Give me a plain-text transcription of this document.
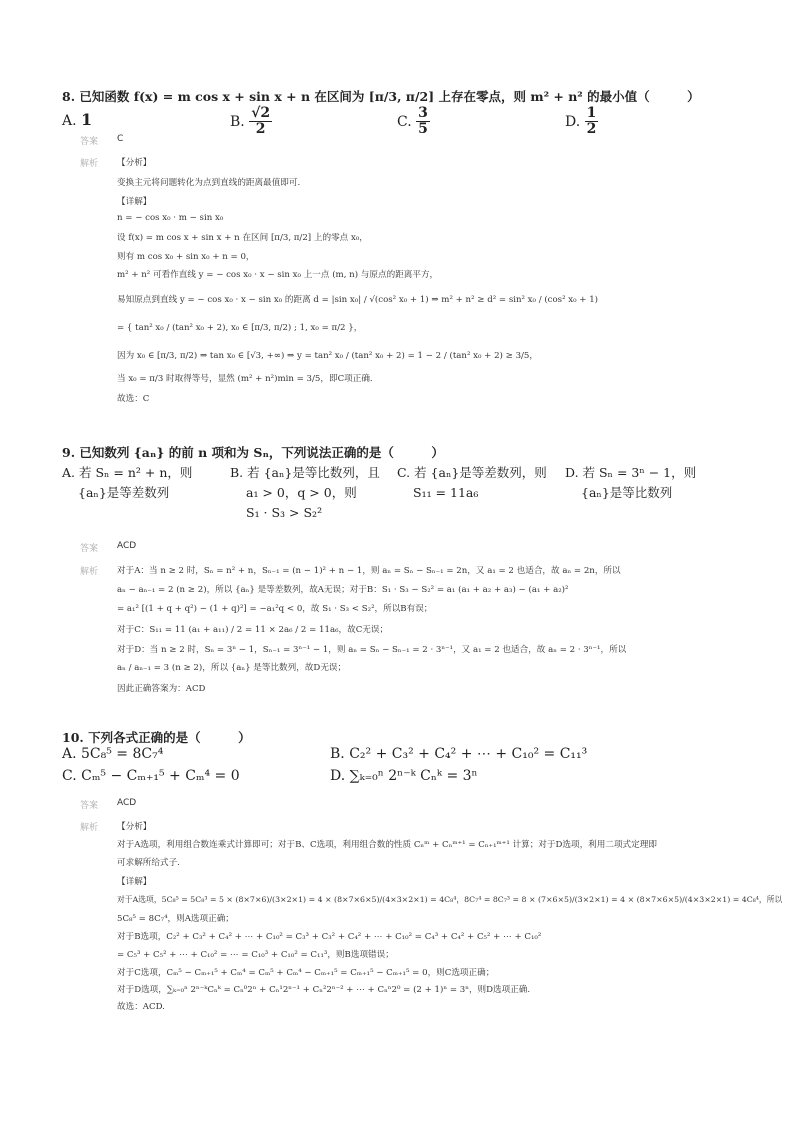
8. 已知函数 f(x) = m cos x + sin x + n 在区间为 [π/3, π/2] 上存在零点，则 m² + n² 的最小值（　　　）
A. 1	B. $\frac{√2}{2}$	C. $\frac{3}{5}$	D. $\frac{1}{2}$
答案 C
解析 【分析】
变换主元将问题转化为点到直线的距离最值即可.
【详解】
n = − cos x₀ · m − sin x₀
设 f(x) = m cos x + sin x + n 在区间 [π/3, π/2] 上的零点 x₀，
则有 m cos x₀ + sin x₀ + n = 0，
m² + n² 可看作直线 y = − cos x₀ · x − sin x₀ 上一点 (m, n) 与原点的距离平方，
易知原点到直线 y = − cos x₀ · x − sin x₀ 的距离 d = |sin x₀| / √(cos² x₀ + 1) ⇒ m² + n² ≥ d² = sin² x₀ / (cos² x₀ + 1)
= { tan² x₀ / (tan² x₀ + 2), x₀ ∈ [π/3, π/2) ; 1, x₀ = π/2 }，
因为 x₀ ∈ [π/3, π/2) ⇒ tan x₀ ∈ [√3, +∞) ⇒ y = tan² x₀ / (tan² x₀ + 2) = 1 − 2 / (tan² x₀ + 2) ≥ 3/5，
当 x₀ = π/3 时取得等号，显然 (m² + n²)min = 3/5，即C项正确.
故选：C
9. 已知数列 {aₙ} 的前 n 项和为 Sₙ，下列说法正确的是（　　　）
A. 若 Sₙ = n² + n，则
{aₙ}是等差数列
B. 若 {aₙ}是等比数列，且
a₁ > 0，q > 0，则
S₁ · S₃ > S₂²
C. 若 {aₙ}是等差数列，则
S₁₁ = 11a₆
D. 若 Sₙ = 3ⁿ − 1，则
{aₙ}是等比数列
答案 ACD
解析 对于A：当 n ≥ 2 时，Sₙ = n² + n，Sₙ₋₁ = (n − 1)² + n − 1，则 aₙ = Sₙ − Sₙ₋₁ = 2n，又 a₁ = 2 也适合，故 aₙ = 2n，所以
aₙ − aₙ₋₁ = 2 (n ≥ 2)，所以 {aₙ} 是等差数列，故A无误；对于B：S₁ · S₃ − S₂² = a₁ (a₁ + a₂ + a₃) − (a₁ + a₂)²
= a₁² [(1 + q + q²) − (1 + q)²] = −a₁²q < 0，故 S₁ · S₃ < S₂²，所以B有误；
对于C：S₁₁ = 11 (a₁ + a₁₁) / 2 = 11 × 2a₆ / 2 = 11a₆，故C无误；
对于D：当 n ≥ 2 时，Sₙ = 3ⁿ − 1，Sₙ₋₁ = 3ⁿ⁻¹ − 1，则 aₙ = Sₙ − Sₙ₋₁ = 2 · 3ⁿ⁻¹，又 a₁ = 2 也适合，故 aₙ = 2 · 3ⁿ⁻¹，所以
aₙ / aₙ₋₁ = 3 (n ≥ 2)，所以 {aₙ} 是等比数列，故D无误；
因此正确答案为：ACD
10. 下列各式正确的是（　　　）
A. 5C₈⁵ = 8C₇⁴	B. C₂² + C₃² + C₄² + ⋯ + C₁₀² = C₁₁³
C. Cₘ⁵ − Cₘ₊₁⁵ + Cₘ⁴ = 0	D. ∑ₖ₌₀ⁿ 2ⁿ⁻ᵏ Cₙᵏ = 3ⁿ
答案 ACD
解析 【分析】
对于A选项，利用组合数连乘式计算即可；对于B、C选项，利用组合数的性质 Cₙᵐ + Cₙᵐ⁺¹ = Cₙ₊₁ᵐ⁺¹ 计算；对于D选项，利用二项式定理即
可求解所给式子.
【详解】
对于A选项，5C₈⁵ = 5C₈³ = 5 × (8×7×6)/(3×2×1) = 4 × (8×7×6×5)/(4×3×2×1) = 4C₈⁴，8C₇⁴ = 8C₇³ = 8 × (7×6×5)/(3×2×1) = 4 × (8×7×6×5)/(4×3×2×1) = 4C₈⁴，所以
5C₈⁵ = 8C₇⁴，则A选项正确；
对于B选项，C₂² + C₃² + C₄² + ⋯ + C₁₀² = C₃³ + C₃² + C₄² + ⋯ + C₁₀² = C₄³ + C₄² + C₅² + ⋯ + C₁₀²
= C₅³ + C₅² + ⋯ + C₁₀² = ⋯ = C₁₀³ + C₁₀² = C₁₁³，则B选项错误；
对于C选项，Cₘ⁵ − Cₘ₊₁⁵ + Cₘ⁴ = Cₘ⁵ + Cₘ⁴ − Cₘ₊₁⁵ = Cₘ₊₁⁵ − Cₘ₊₁⁵ = 0，则C选项正确；
对于D选项，∑ₖ₌₀ⁿ 2ⁿ⁻ᵏCₙᵏ = Cₙ⁰2ⁿ + Cₙ¹2ⁿ⁻¹ + Cₙ²2ⁿ⁻² + ⋯ + Cₙⁿ2⁰ = (2 + 1)ⁿ = 3ⁿ，则D选项正确.
故选：ACD.
